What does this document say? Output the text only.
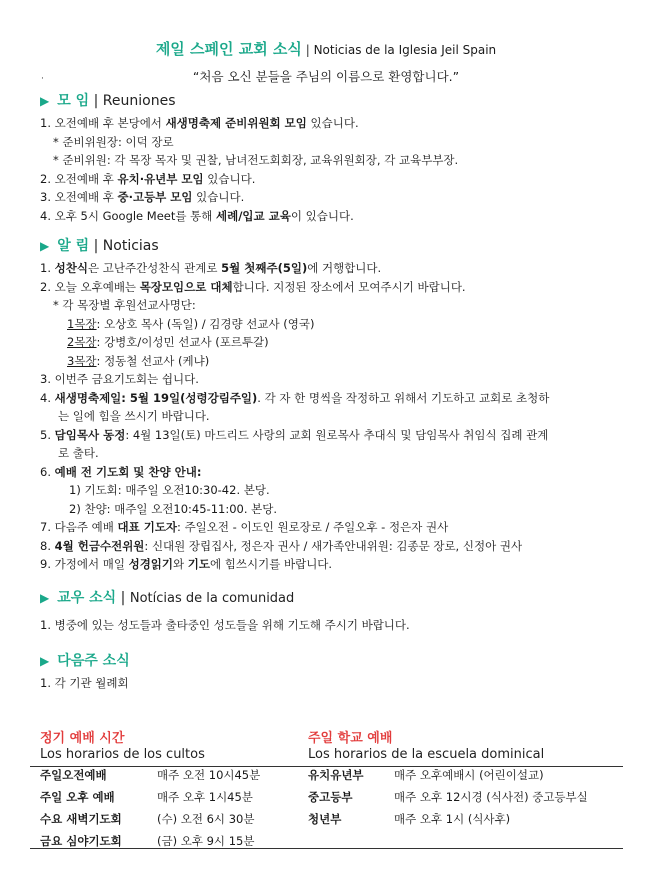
제일 스페인 교회 소식 | Noticias de la Iglesia Jeil Spain
“처음 오신 분들을 주님의 이름으로 환영합니다.”
·
▶ 모 임 | Reuniones
1. 오전예배 후 본당에서 새생명축제 준비위원회 모임 있습니다.
* 준비위원장: 이덕 장로
* 준비위원: 각 목장 목자 및 권찰, 남녀전도회회장, 교육위원회장, 각 교육부부장.
2. 오전예배 후 유치·유년부 모임 있습니다.
3. 오전예배 후 중·고등부 모임 있습니다.
4. 오후 5시 Google Meet를 통해 세례/입교 교육이 있습니다.
▶ 알 림 | Noticias
1. 성찬식은 고난주간성찬식 관계로 5월 첫째주(5일)에 거행합니다.
2. 오늘 오후예배는 목장모임으로 대체합니다. 지정된 장소에서 모여주시기 바랍니다.
* 각 목장별 후원선교사명단:
1목장: 오상호 목사 (독일) / 김경량 선교사 (영국)
2목장: 강병호/이성민 선교사 (포르투갈)
3목장: 정동철 선교사 (케냐)
3. 이번주 금요기도회는 쉽니다.
4. 새생명축제일: 5월 19일(성령강림주일). 각 자 한 명씩을 작정하고 위해서 기도하고 교회로 초청하
는 일에 힘을 쓰시기 바랍니다.
5. 담임목사 동정: 4월 13일(토) 마드리드 사랑의 교회 원로목사 추대식 및 담임목사 취임식 집례 관계
로 출타.
6. 예배 전 기도회 및 찬양 안내:
1) 기도회: 매주일 오전10:30-42. 본당.
2) 찬양: 매주일 오전10:45-11:00. 본당.
7. 다음주 예배 대표 기도자: 주일오전 - 이도인 원로장로 / 주일오후 - 정은자 권사
8. 4월 헌금수전위원: 신대원 장립집사, 정은자 권사 / 새가족안내위원: 김종문 장로, 신정아 권사
9. 가정에서 매일 성경읽기와 기도에 힘쓰시기를 바랍니다.
▶ 교우 소식 | Notícias de la comunidad
1. 병중에 있는 성도들과 출타중인 성도들을 위해 기도해 주시기 바랍니다.
▶ 다음주 소식
1. 각 기관 월례회
정기 예배 시간
Los horarios de los cultos
주일 학교 예배
Los horarios de la escuela dominical
주일오전예배	매주 오전 10시45분
주일 오후 예배	매주 오후 1시45분
수요 새벽기도회	(수) 오전 6시 30분
금요 심야기도회	(금) 오후 9시 15분
유치유년부	매주 오후예배시 (어린이설교)
중고등부	매주 오후 12시경 (식사전) 중고등부실
청년부	매주 오후 1시 (식사후)
